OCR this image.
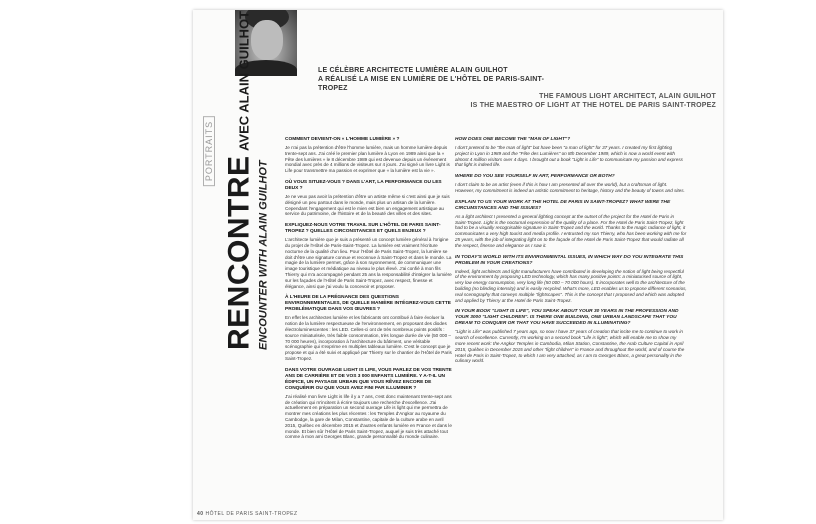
RENCONTRE AVEC ALAIN GUILHOT
ENCOUNTER WITH ALAIN GUILHOT
PORTRAITS
LE CÉLÈBRE ARCHITECTE LUMIÈRE ALAIN GUILHOT
A RÉALISÉ LA MISE EN LUMIÈRE DE L'HÔTEL DE PARIS-SAINT-TROPEZ
THE FAMOUS LIGHT ARCHITECT, ALAIN GUILHOT
IS THE MAESTRO OF LIGHT AT THE HOTEL DE PARIS SAINT-TROPEZ
COMMENT DEVIENT-ON « L'HOMME LUMIÈRE » ?
Je n'ai pas la prétention d'être l'homme lumière, mais un homme lumière depuis trente-sept ans. J'ai créé le premier plan lumière à Lyon en 1989 ainsi que la « Fête des lumières » le 8 décembre 1989 qui est devenue depuis un évènement mondial avec près de 4 millions de visiteurs sur 4 jours. J'ai signé un livre Light is Life pour transmettre ma passion et exprimer que « la lumière est la vie ».
OÙ VOUS SITUEZ-VOUS ? DANS L'ART, LA PERFORMANCE OU LES DEUX ?
Je ne veux pas avoir la prétention d'être un artiste même si c'est ainsi que je suis désigné un peu partout dans le monde, mais plus un artisan de la lumière. Cependant l'engagement qui est le mien est bien un engagement artistique au service du patrimoine, de l'histoire et de la beauté des villes et des sites.
EXPLIQUEZ-NOUS VOTRE TRAVAIL SUR L'HÔTEL DE PARIS SAINT-TROPEZ ? QUELLES CIRCONSTANCES ET QUELS ENJEUX ?
L'architecte lumière que je suis a présenté un concept lumière général à l'origine du projet de l'Hôtel de Paris-Saint-Tropez. La lumière est vraiment l'écriture nocturne de la qualité d'un lieu. Pour l'Hôtel de Paris Saint-Tropez, la lumière se doit d'être une signature connue et reconnue à Saint-Tropez et dans le monde. La magie de la lumière permet, grâce à son rayonnement, de communiquer une image touristique et médiatique au niveau le plus élevé. J'ai confié à mon fils Thierry qui m'a accompagné pendant 25 ans la responsabilité d'intégrer la lumière sur les façades de l'Hôtel de Paris Saint-Tropez, avec respect, finesse et élégance, ainsi que j'ai voulu la concevoir et proposer.
À L'HEURE DE LA PRÉGNANCE DES QUESTIONS ENVIRONNEMENTALES, DE QUELLE MANIÈRE INTÉGREZ-VOUS CETTE PROBLÉMATIQUE DANS VOS ŒUVRES ?
En effet les architectes lumière et les fabricants ont contribué à faire évoluer la notion de la lumière respectueuse de l'environnement, en proposant des diodes électroluminescentes : les LED. Celles-ci ont de très nombreux points positifs : source miniaturisée, très faible consommation, très longue durée de vie (50 000 – 70 000 heures), incorporation à l'architecture du bâtiment, une véritable scénographie qui s'exprime en multiples tableaux lumière. C'est le concept que je propose et qui a été suivi et appliqué par Thierry sur le chantier de l'Hôtel de Paris Saint-Tropez.
DANS VOTRE OUVRAGE LIGHT IS LIFE, VOUS PARLEZ DE VOS TRENTE ANS DE CARRIÈRE ET DE VOS 3 000 ENFANTS LUMIÈRE. Y A-T-IL UN ÉDIFICE, UN PAYSAGE URBAIN QUE VOUS RÊVEZ ENCORE DE CONQUÉRIR OU QUE VOUS AVEZ FINI PAR ILLUMINER ?
J'ai réalisé mon livre Light is life il y a 7 ans, c'est donc maintenant trente-sept ans de création qui m'incitent à écrire toujours une recherche d'excellence. J'ai actuellement en préparation un second ouvrage Life is light qui me permettra de montrer mes créations les plus récentes : les Temples d'Angkor au royaume du Cambodge, la gare de Milan, Constantine, capitale de la culture arabe en avril 2015, Québec en décembre 2015 et d'autres enfants lumière en France et dans le monde. Et bien sûr l'Hôtel de Paris Saint-Tropez, auquel je suis très attaché tout comme à mon ami Georges Blanc, grande personnalité du monde culinaire.
HOW DOES ONE BECOME THE "MAN OF LIGHT"?
I don't pretend to be "the man of light" but have been "a man of light" for 37 years. I created my first lighting project in Lyon in 1989 and the "Fête des Lumières" on 8th December 1989, which is now a world event with almost 4 million visitors over 4 days. I brought out a book "Light is Life" to communicate my passion and express that light is indeed life.
WHERE DO YOU SEE YOURSELF IN ART, PERFORMANCE OR BOTH?
I don't claim to be an artist (even if this is how I am presented all over the world), but a craftsman of light. However, my commitment is indeed an artistic commitment to heritage, history and the beauty of towns and sites.
EXPLAIN TO US YOUR WORK AT THE HOTEL DE PARIS IN SAINT-TROPEZ? WHAT WERE THE CIRCUMSTANCES AND THE ISSUES?
As a light architect I presented a general lighting concept at the outset of the project for the Hotel de Paris in Saint-Tropez. Light is the nocturnal expression of the quality of a place. For the Hotel de Paris Saint-Tropez, light had to be a visually recognisable signature in Saint-Tropez and the world. Thanks to the magic radiance of light, it communicates a very high tourist and media profile. I entrusted my son Thierry, who has been working with me for 25 years, with the job of integrating light on to the façade of the Hotel de Paris Saint-Tropez that would radiate all the respect, finesse and elegance as I saw it.
IN TODAY'S WORLD WITH ITS ENVIRONMENTAL ISSUES, IN WHICH WAY DO YOU INTEGRATE THIS PROBLEM IN YOUR CREATIONS?
Indeed, light architects and light manufacturers have contributed in developing the notion of light being respectful of the environment by proposing LED technology, which has many positive points: a miniaturised source of light, very low energy consumption, very long life (50 000 – 70 000 hours). It incorporates well to the architecture of the building (no blinding intensity) and is easily recycled. What's more, LED enables us to propose different scenarios, real scenography that conveys multiple "lightscapes". This is the concept that I proposed and which was adopted and applied by Thierry at the Hotel de Paris Saint-Tropez.
IN YOUR BOOK "LIGHT IS LIFE", YOU SPEAK ABOUT YOUR 30 YEARS IN THE PROFESSION AND YOUR 3000 "LIGHT CHILDREN". IS THERE ONE BUILDING, ONE URBAN LANDSCAPE THAT YOU DREAM TO CONQUER OR THAT YOU HAVE SUCCEEDED IN ILLUMINATING?
"Light is Life" was published 7 years ago, so now I have 37 years of creation that incite me to continue to work in search of excellence. Currently, I'm working on a second book "Life is light", which will enable me to show my more recent work: the Angkor Temples in Cambodia, Milan Station, Constantine, the Arab Culture Capital in April 2015, Québec in December 2015 and other "light children" in France and throughout the world, and of course the Hotel de Paris in Saint-Tropez, to which I am very attached, as I am to Georges Blanc, a great personality in the culinary world.
40 HÔTEL DE PARIS SAINT-TROPEZ
